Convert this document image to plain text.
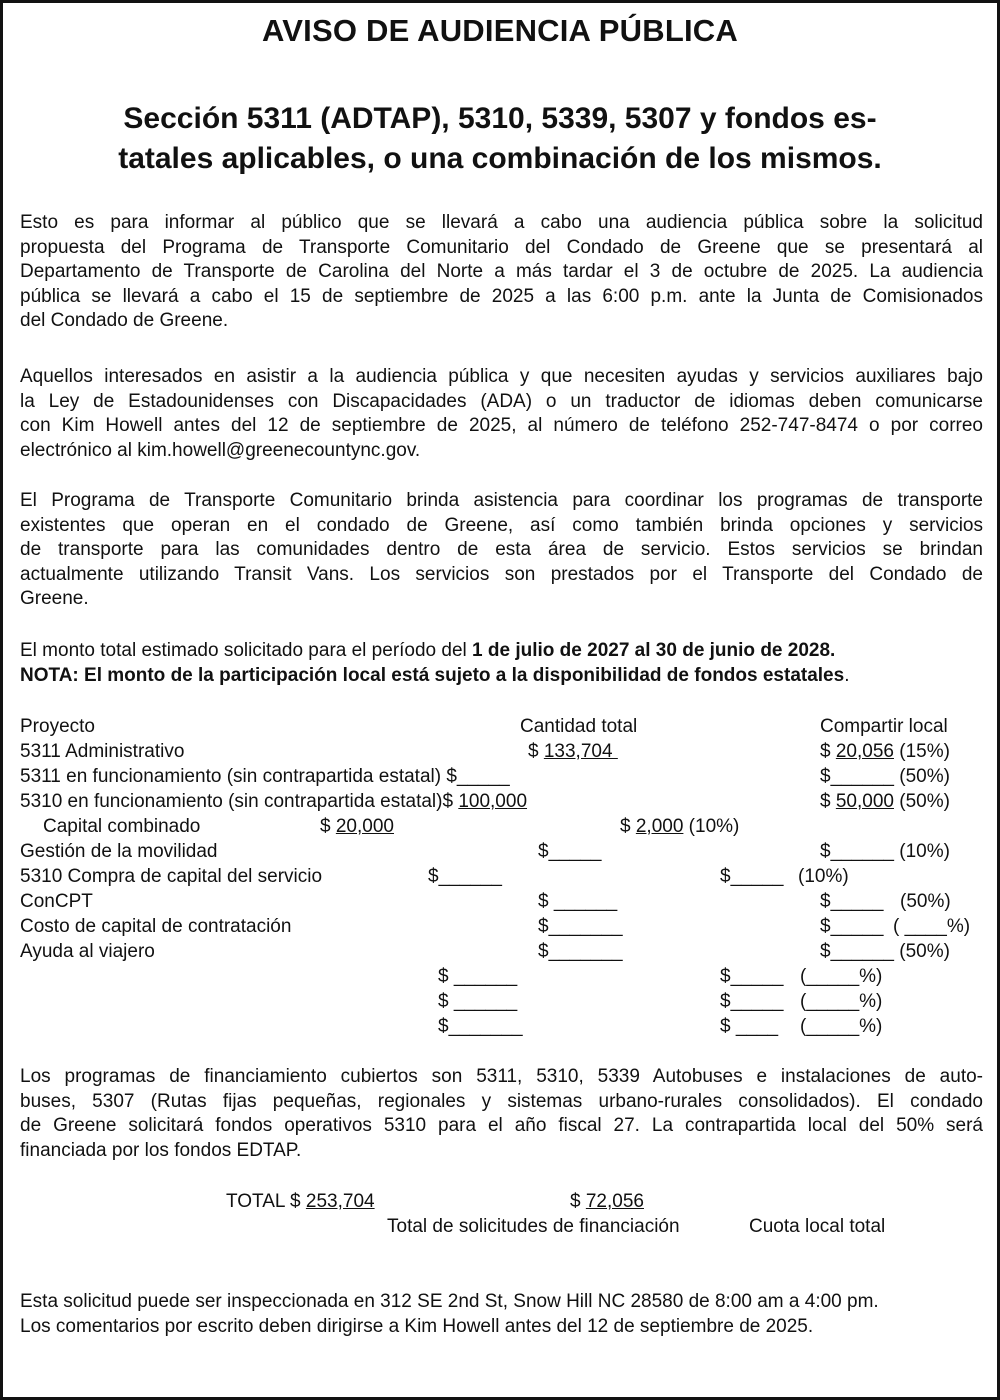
AVISO DE AUDIENCIA PÚBLICA
Sección 5311 (ADTAP), 5310, 5339, 5307 y fondos es-
tatales aplicables, o una combinación de los mismos.
Esto es para informar al público que se llevará a cabo una audiencia pública sobre la solicitud
propuesta del Programa de Transporte Comunitario del Condado de Greene que se presentará al
Departamento de Transporte de Carolina del Norte a más tardar el 3 de octubre de 2025. La audiencia
pública se llevará a cabo el 15 de septiembre de 2025 a las 6:00 p.m. ante la Junta de Comisionados
del Condado de Greene.
Aquellos interesados en asistir a la audiencia pública y que necesiten ayudas y servicios auxiliares bajo
la Ley de Estadounidenses con Discapacidades (ADA) o un traductor de idiomas deben comunicarse
con Kim Howell antes del 12 de septiembre de 2025, al número de teléfono 252-747-8474 o por correo
electrónico al kim.howell@greenecountync.gov.
El Programa de Transporte Comunitario brinda asistencia para coordinar los programas de transporte
existentes que operan en el condado de Greene, así como también brinda opciones y servicios
de transporte para las comunidades dentro de esta área de servicio. Estos servicios se brindan
actualmente utilizando Transit Vans. Los servicios son prestados por el Transporte del Condado de
Greene.
El monto total estimado solicitado para el período del 1 de julio de 2027 al 30 de junio de 2028.
NOTA: El monto de la participación local está sujeto a la disponibilidad de fondos estatales.
Proyecto	Cantidad total	Compartir local
5311 Administrativo	$ 133,704	$ 20,056 (15%)
5311 en funcionamiento (sin contrapartida estatal) $_____	$______ (50%)
5310 en funcionamiento (sin contrapartida estatal)$ 100,000	$ 50,000 (50%)
Capital combinado	$ 20,000	$ 2,000 (10%)
Gestión de la movilidad	$_____	$______ (10%)
5310 Compra de capital del servicio	$______	$_____ (10%)
ConCPT	$ ______	$_____ (50%)
Costo de capital de contratación	$_______	$_____ ( ____%)
Ayuda al viajero	$_______	$______ (50%)
$ ______	$_____ (_____%)
$ ______	$_____ (_____%)
$_______	$ ____ (_____%)
Los programas de financiamiento cubiertos son 5311, 5310, 5339 Autobuses e instalaciones de auto-
buses, 5307 (Rutas fijas pequeñas, regionales y sistemas urbano-rurales consolidados). El condado
de Greene solicitará fondos operativos 5310 para el año fiscal 27. La contrapartida local del 50% será
financiada por los fondos EDTAP.
TOTAL $ 253,704	$ 72,056
Total de solicitudes de financiación	Cuota local total
Esta solicitud puede ser inspeccionada en 312 SE 2nd St, Snow Hill NC 28580 de 8:00 am a 4:00 pm.
Los comentarios por escrito deben dirigirse a Kim Howell antes del 12 de septiembre de 2025.
